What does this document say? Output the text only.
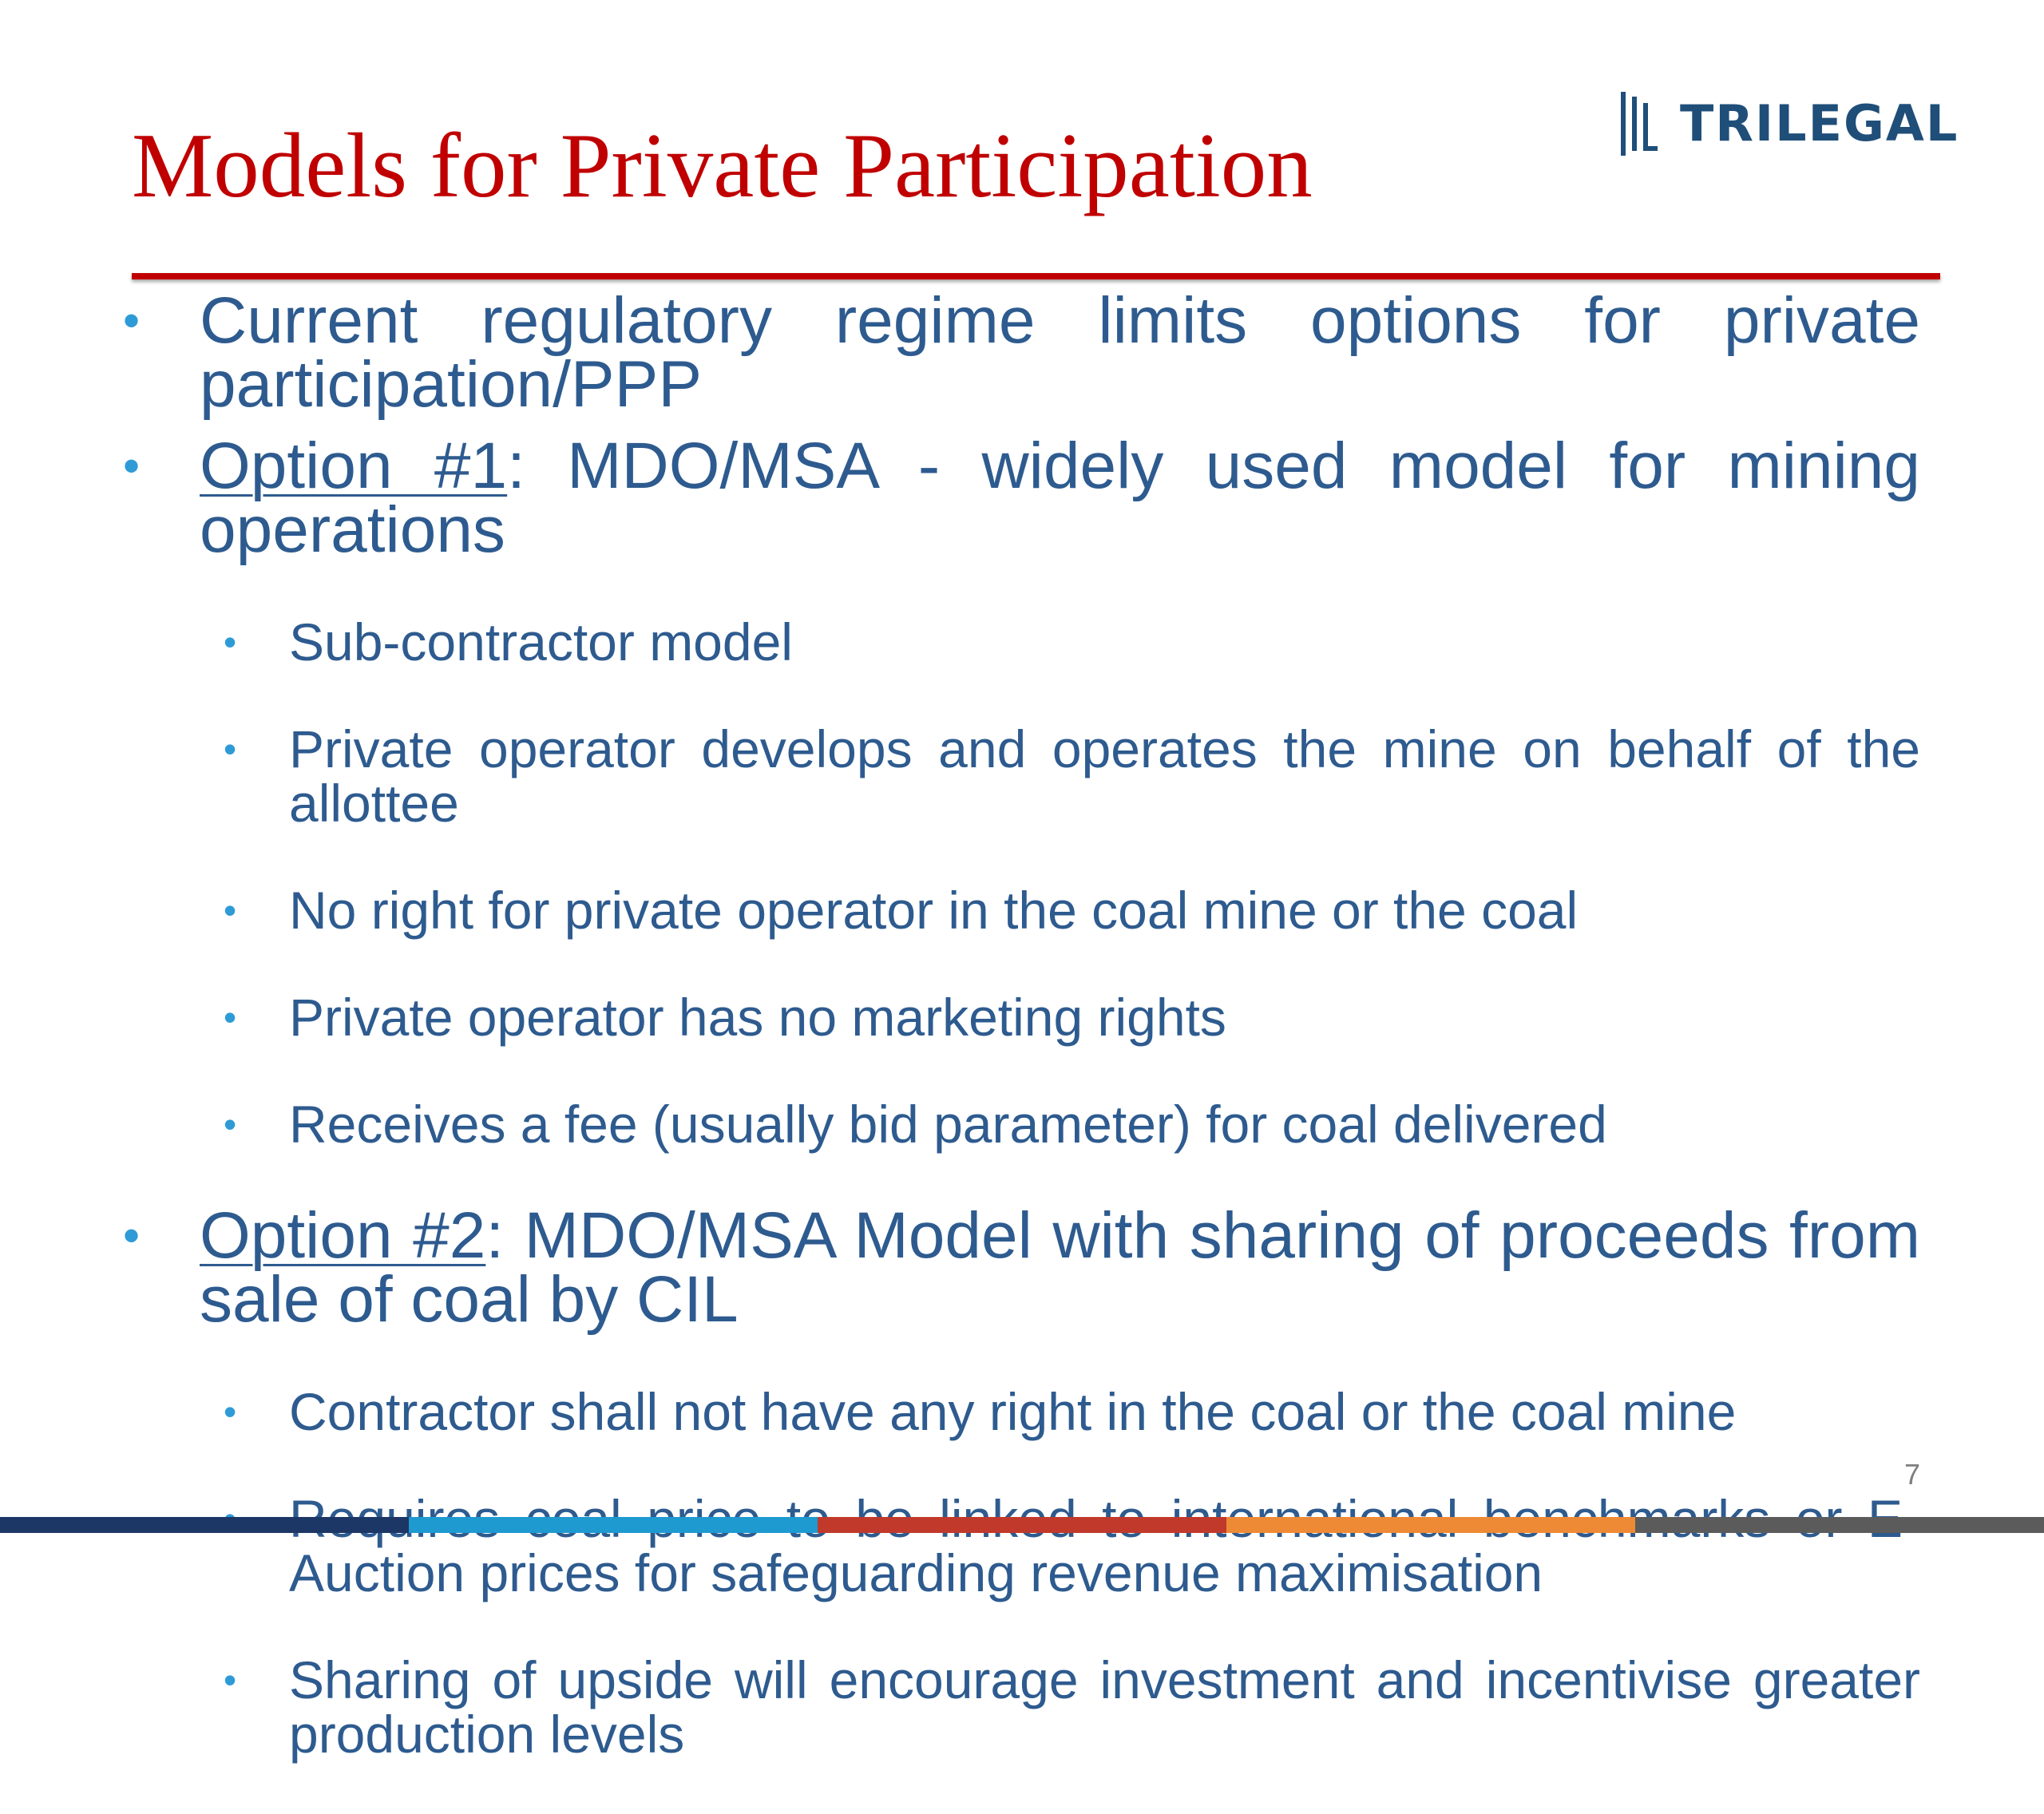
Models for Private Participation	TRILEGAL

• Current regulatory regime limits options for private participation/PPP

• Option #1: MDO/MSA - widely used model for mining operations

• Sub-contractor model

• Private operator develops and operates the mine on behalf of the allottee

• No right for private operator in the coal mine or the coal

• Private operator has no marketing rights

• Receives a fee (usually bid parameter) for coal delivered

• Option #2: MDO/MSA Model with sharing of proceeds from sale of coal by CIL

• Contractor shall not have any right in the coal or the coal mine

• Auction prices for safeguarding revenue maximisation

• Sharing of upside will encourage investment and incentivise greater production levels

7
